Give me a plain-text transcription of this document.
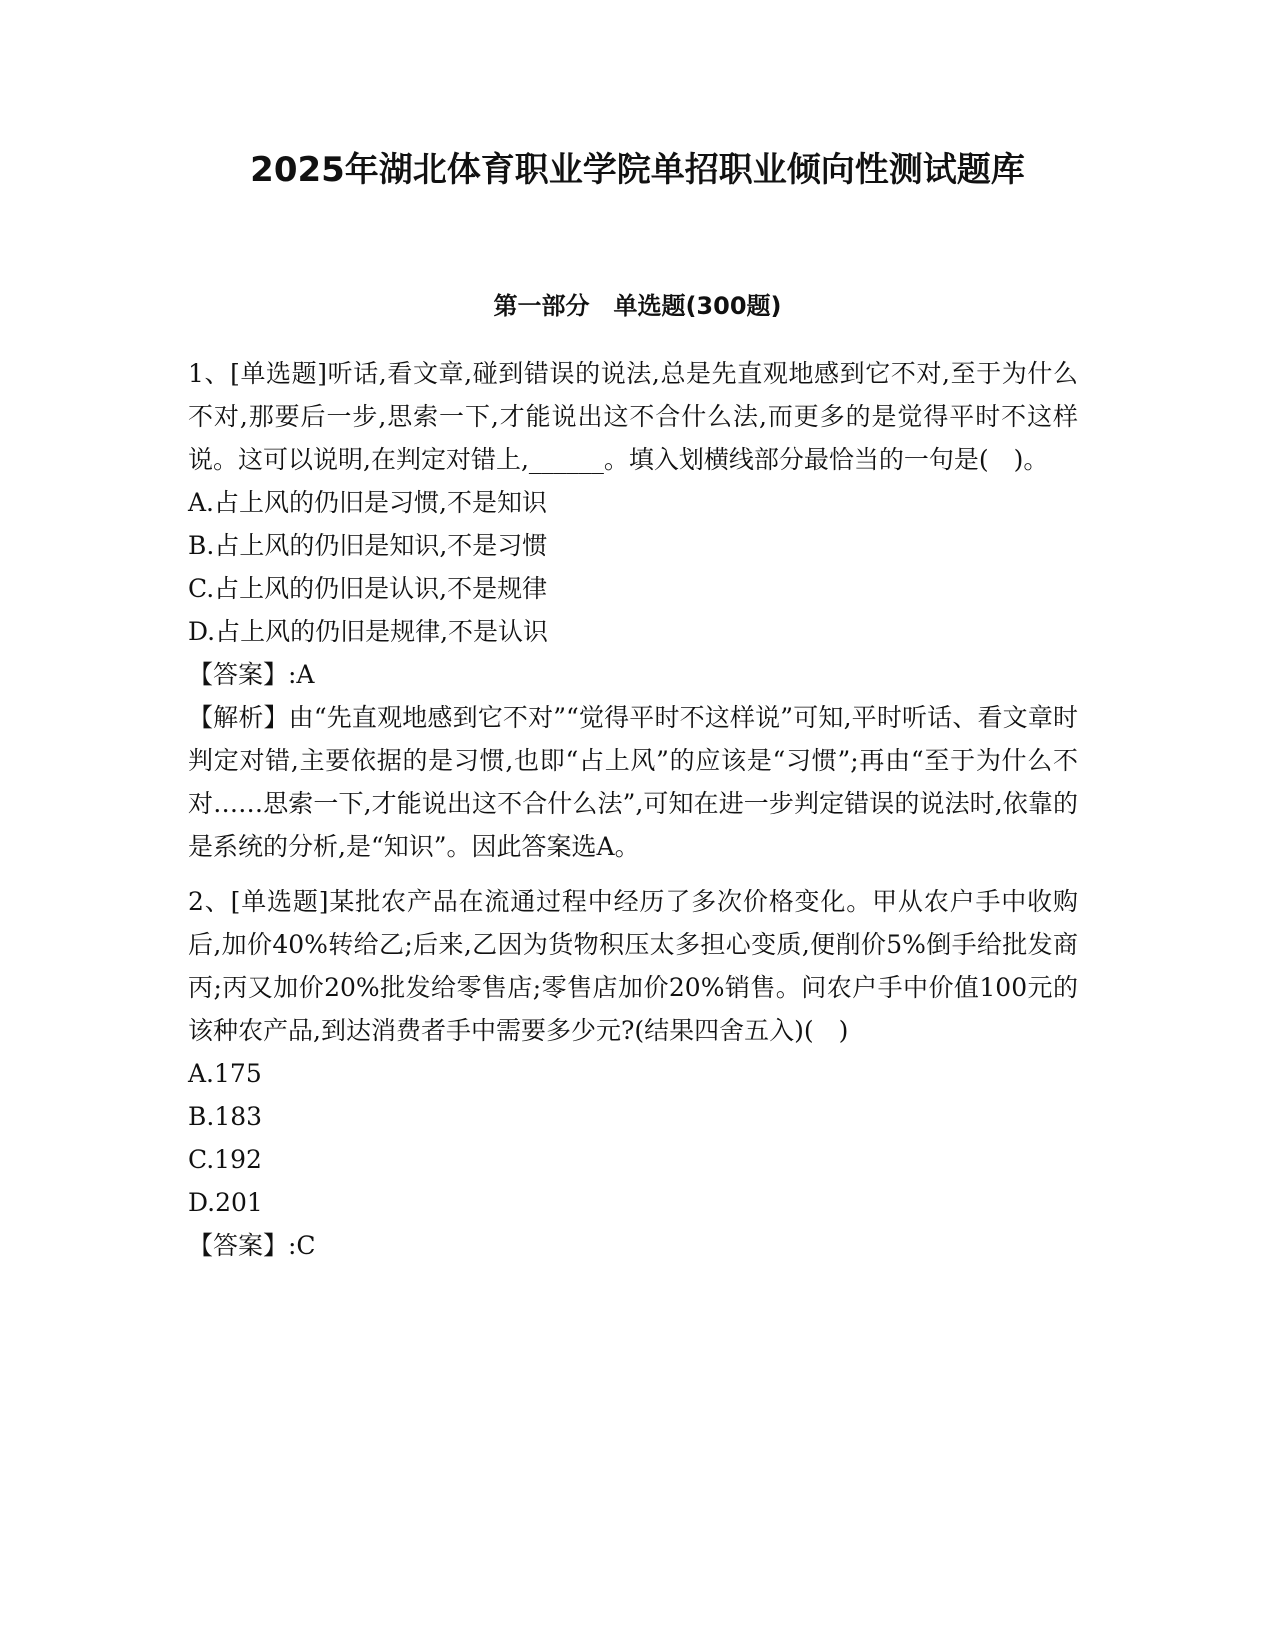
2025年湖北体育职业学院单招职业倾向性测试题库
第一部分　单选题(300题)

1、[单选题]听话,看文章,碰到错误的说法,总是先直观地感到它不对,至于为什么不对,那要后一步,思索一下,才能说出这不合什么法,而更多的是觉得平时不这样说。这可以说明,在判定对错上,______。填入划横线部分最恰当的一句是(　)。

A.占上风的仍旧是习惯,不是知识

B.占上风的仍旧是知识,不是习惯

C.占上风的仍旧是认识,不是规律

D.占上风的仍旧是规律,不是认识

【答案】:A

【解析】由“先直观地感到它不对”“觉得平时不这样说”可知,平时听话、看文章时判定对错,主要依据的是习惯,也即“占上风”的应该是“习惯”;再由“至于为什么不对……思索一下,才能说出这不合什么法”,可知在进一步判定错误的说法时,依靠的是系统的分析,是“知识”。因此答案选A。

2、[单选题]某批农产品在流通过程中经历了多次价格变化。甲从农户手中收购后,加价40%转给乙;后来,乙因为货物积压太多担心变质,便削价5%倒手给批发商丙;丙又加价20%批发给零售店;零售店加价20%销售。问农户手中价值100元的该种农产品,到达消费者手中需要多少元?(结果四舍五入)(　)

A.175

B.183

C.192

D.201

【答案】:C
